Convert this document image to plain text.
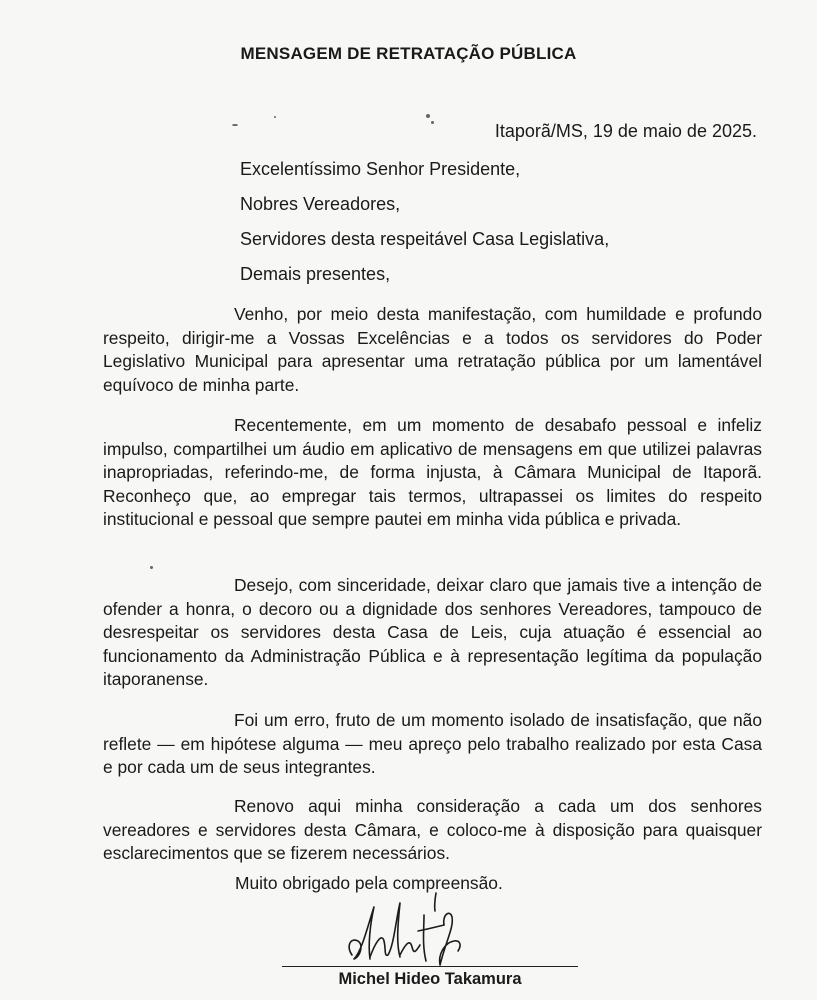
MENSAGEM DE RETRATAÇÃO PÚBLICA
Itaporã/MS, 19 de maio de 2025.
Excelentíssimo Senhor Presidente,
Nobres Vereadores,
Servidores desta respeitável Casa Legislativa,
Demais presentes,
Venho, por meio desta manifestação, com humildade e profundo respeito, dirigir-me a Vossas Excelências e a todos os servidores do Poder Legislativo Municipal para apresentar uma retratação pública por um lamentável equívoco de minha parte.
Recentemente, em um momento de desabafo pessoal e infeliz impulso, compartilhei um áudio em aplicativo de mensagens em que utilizei palavras inapropriadas, referindo-me, de forma injusta, à Câmara Municipal de Itaporã. Reconheço que, ao empregar tais termos, ultrapassei os limites do respeito institucional e pessoal que sempre pautei em minha vida pública e privada.
Desejo, com sinceridade, deixar claro que jamais tive a intenção de ofender a honra, o decoro ou a dignidade dos senhores Vereadores, tampouco de desrespeitar os servidores desta Casa de Leis, cuja atuação é essencial ao funcionamento da Administração Pública e à representação legítima da população itaporanense.
Foi um erro, fruto de um momento isolado de insatisfação, que não reflete — em hipótese alguma — meu apreço pelo trabalho realizado por esta Casa e por cada um de seus integrantes.
Renovo aqui minha consideração a cada um dos senhores vereadores e servidores desta Câmara, e coloco-me à disposição para quaisquer esclarecimentos que se fizerem necessários.
Muito obrigado pela compreensão.
Michel Hideo Takamura
